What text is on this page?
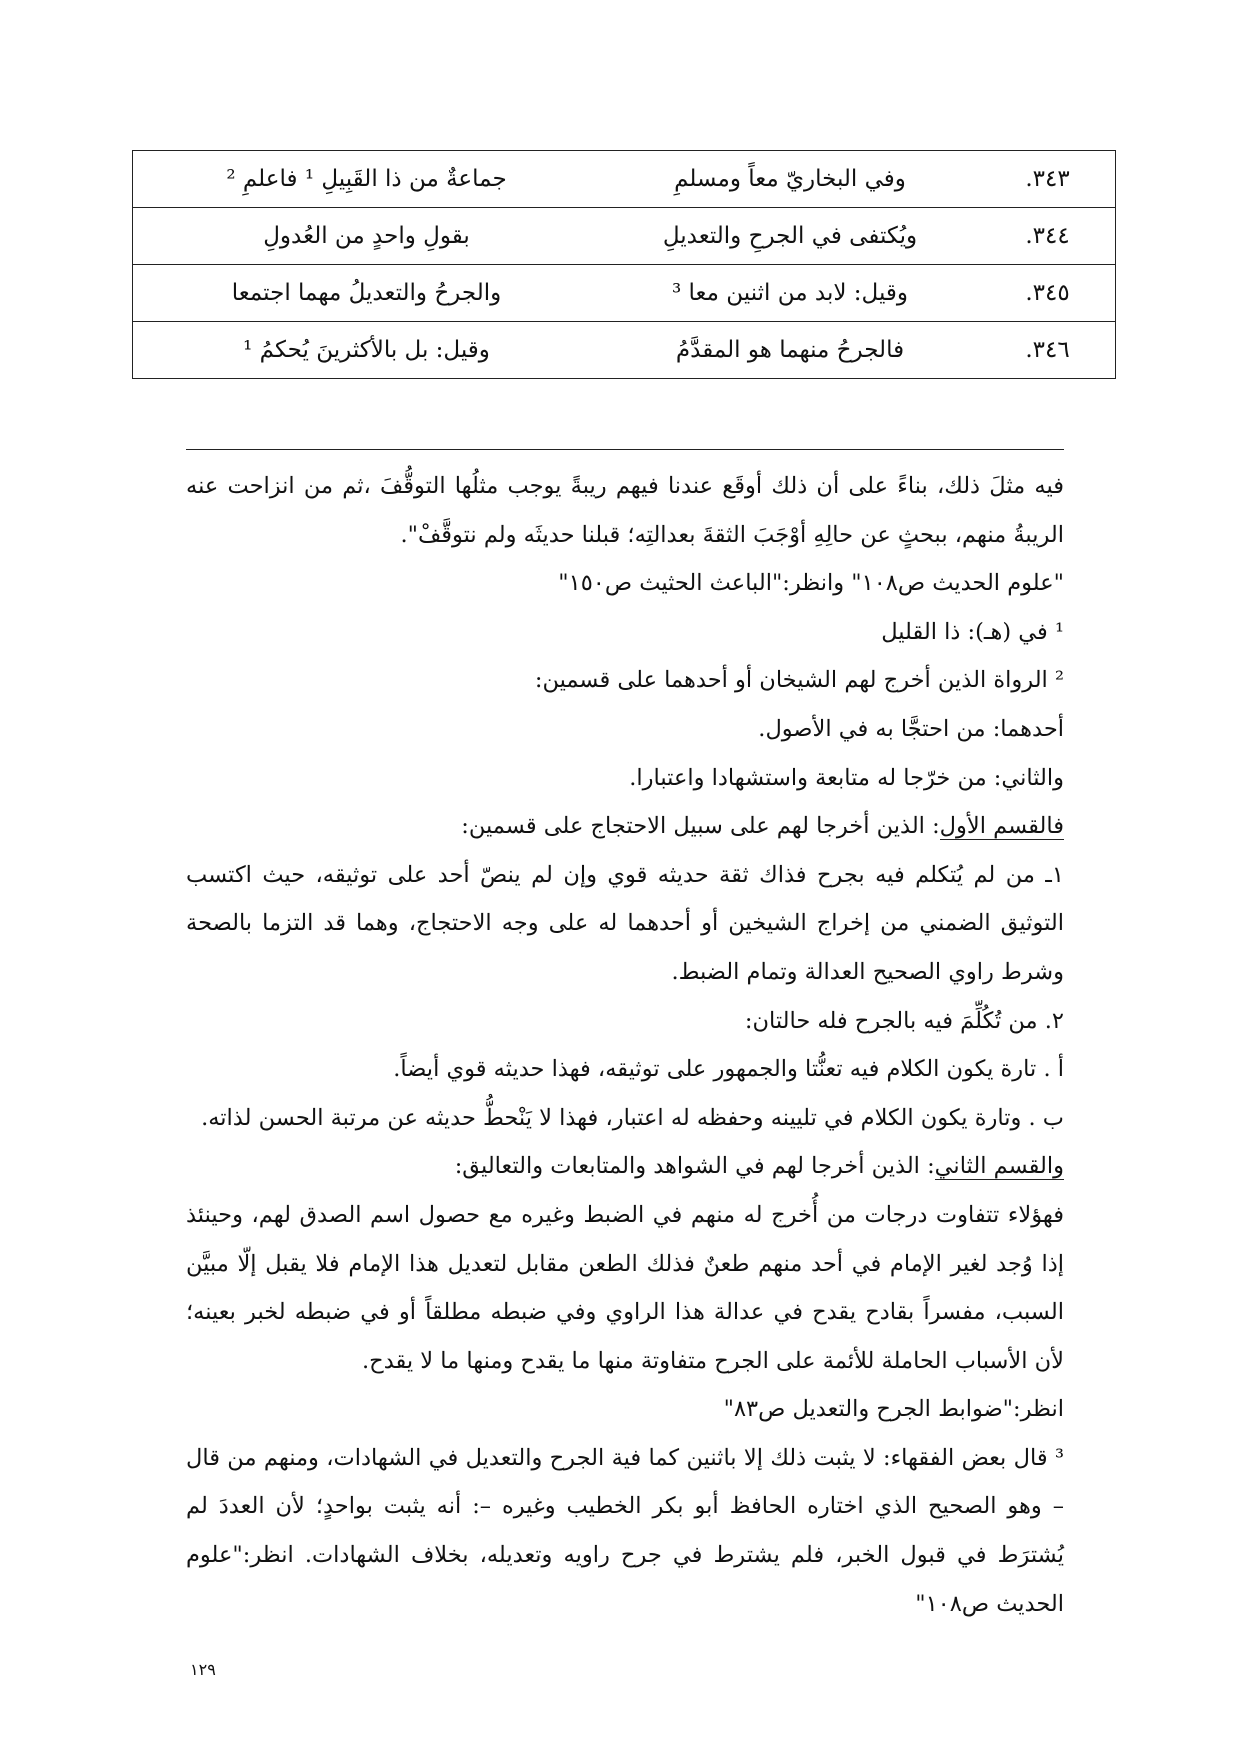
٣٤٣.	وفي البخاريّ معاً ومسلمِ	جماعةٌ من ذا القَبِيلِ ¹ فاعلمِ ²
٣٤٤.	ويُكتفى في الجرحِ والتعديلِ	بقولِ واحدٍ من العُدولِ
٣٤٥.	وقيل: لابد من اثنين معا ³	والجرحُ والتعديلُ مهما اجتمعا
٣٤٦.	فالجرحُ منهما هو المقدَّمُ	وقيل: بل بالأكثرينَ يُحكمُ ¹

فيه مثلَ ذلك، بناءً على أن ذلك أوقَع عندنا فيهم ريبةً يوجب مثلُها التوقُّفَ ،ثم من انزاحت عنه الريبةُ منهم، ببحثٍ عن حالِهِ أوْجَبَ الثقةَ بعدالتِه؛ قبلنا حديثَه ولم نتوقَّفْ".

"علوم الحديث ص١٠٨" وانظر:"الباعث الحثيث ص١٥٠"

¹ في (هـ): ذا القليل

² الرواة الذين أخرج لهم الشيخان أو أحدهما على قسمين:

أحدهما: من احتجَّا به في الأصول.

والثاني: من خرّجا له متابعة واستشهادا واعتبارا.

فالقسم الأول: الذين أخرجا لهم على سبيل الاحتجاج على قسمين:

١ـ من لم يُتكلم فيه بجرح فذاك ثقة حديثه قوي وإن لم ينصّ أحد على توثيقه، حيث اكتسب التوثيق الضمني من إخراج الشيخين أو أحدهما له على وجه الاحتجاج، وهما قد التزما بالصحة وشرط راوي الصحيح العدالة وتمام الضبط.

٢. من تُكُلِّمَ فيه بالجرح فله حالتان:

أ . تارة يكون الكلام فيه تعنُّتا والجمهور على توثيقه، فهذا حديثه قوي أيضاً.

ب . وتارة يكون الكلام في تليينه وحفظه له اعتبار، فهذا لا يَنْحطُّ حديثه عن مرتبة الحسن لذاته.

والقسم الثاني: الذين أخرجا لهم في الشواهد والمتابعات والتعاليق:

فهؤلاء تتفاوت درجات من أُخرج له منهم في الضبط وغيره مع حصول اسم الصدق لهم، وحينئذ إذا وُجد لغير الإمام في أحد منهم طعنٌ فذلك الطعن مقابل لتعديل هذا الإمام فلا يقبل إلّا مبيَّن السبب، مفسراً بقادح يقدح في عدالة هذا الراوي وفي ضبطه مطلقاً أو في ضبطه لخبر بعينه؛ لأن الأسباب الحاملة للأئمة على الجرح متفاوتة منها ما يقدح ومنها ما لا يقدح.

انظر:"ضوابط الجرح والتعديل ص٨٣"

³ قال بعض الفقهاء: لا يثبت ذلك إلا باثنين كما فية الجرح والتعديل في الشهادات، ومنهم من قال – وهو الصحيح الذي اختاره الحافظ أبو بكر الخطيب وغيره –: أنه يثبت بواحدٍ؛ لأن العددَ لم يُشترَط في قبول الخبر، فلم يشترط في جرح راويه وتعديله، بخلاف الشهادات. انظر:"علوم الحديث ص١٠٨"

١٢٩
